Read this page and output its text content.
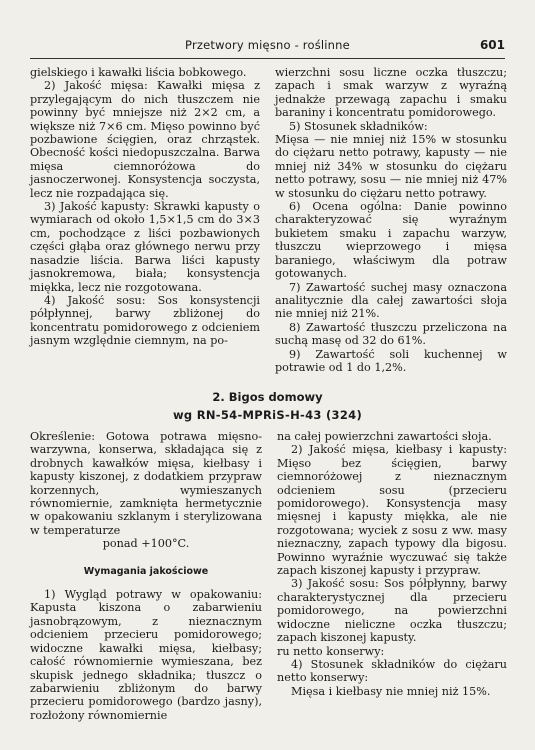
Przetwory mięsno - roślinne	601

gielskiego i kawałki liścia bobkowego.

2) Jakość mięsa: Kawałki mięsa z przylegającym do nich tłuszczem nie powinny być mniejsze niż 2×2 cm, a większe niż 7×6 cm. Mięso powinno być pozbawione ścięgien, oraz chrząstek. Obecność kości niedopuszczalna. Barwa mięsa ciemnoróżowa do jasnoczerwonej. Konsystencja soczysta, lecz nie rozpadająca się.

3) Jakość kapusty: Skrawki kapusty o wymiarach od około 1,5×1,5 cm do 3×3 cm, pochodzące z liści pozbawionych części głąba oraz głównego nerwu przy nasadzie liścia. Barwa liści kapusty jasnokremowa, biała; konsystencja miękka, lecz nie rozgotowana.

4) Jakość sosu: Sos konsystencji półpłynnej, barwy zbliżonej do koncentratu pomidorowego z odcieniem jasnym względnie ciemnym, na po-

wierzchni sosu liczne oczka tłuszczu; zapach i smak warzyw z wyraźną jednakże przewagą zapachu i smaku baraniny i koncentratu pomidorowego.

5) Stosunek składników:

Mięsa — nie mniej niż 15% w stosunku do ciężaru netto potrawy, kapusty — nie mniej niż 34% w stosunku do ciężaru netto potrawy, sosu — nie mniej niż 47% w stosunku do ciężaru netto potrawy.

6) Ocena ogólna: Danie powinno charakteryzować się wyraźnym bukietem smaku i zapachu warzyw, tłuszczu wieprzowego i mięsa baraniego, właściwym dla potraw gotowanych.

7) Zawartość suchej masy oznaczona analitycznie dla całej zawartości słoja nie mniej niż 21%.

8) Zawartość tłuszczu przeliczona na suchą masę od 32 do 61%.

9) Zawartość soli kuchennej w potrawie od 1 do 1,2%.

2. Bigos domowy
wg RN-54-MPRiS-H-43 (324)

Określenie: Gotowa potrawa mięsno-warzywna, konserwa, składająca się z drobnych kawałków mięsa, kiełbasy i kapusty kiszonej, z dodatkiem przypraw korzennych, wymieszanych równomiernie, zamknięta hermetycznie w opakowaniu szklanym i sterylizowana w temperaturze

ponad +100°C.

Wymagania jakościowe

1) Wygląd potrawy w opakowaniu: Kapusta kiszona o zabarwieniu jasnobrązowym, z nieznacznym odcieniem przecieru pomidorowego; widoczne kawałki mięsa, kiełbasy; całość równomiernie wymieszana, bez skupisk jednego składnika; tłuszcz o zabarwieniu zbliżonym do barwy przecieru pomidorowego (bardzo jasny), rozłożony równomiernie

na całej powierzchni zawartości słoja.

2) Jakość mięsa, kiełbasy i kapusty: Mięso bez ścięgien, barwy ciemnoróżowej z nieznacznym odcieniem sosu (przecieru pomidorowego). Konsystencja masy mięsnej i kapusty miękka, ale nie rozgotowana; wyciek z sosu z ww. masy nieznaczny, zapach typowy dla bigosu. Powinno wyraźnie wyczuwać się także zapach kiszonej kapusty i przypraw.

3) Jakość sosu: Sos półpłynny, barwy charakterystycznej dla przecieru pomidorowego, na powierzchni widoczne nieliczne oczka tłuszczu; zapach kiszonej kapusty.

ru netto konserwy:

4) Stosunek składników do ciężaru netto konserwy:

Mięsa i kiełbasy nie mniej niż 15%.
